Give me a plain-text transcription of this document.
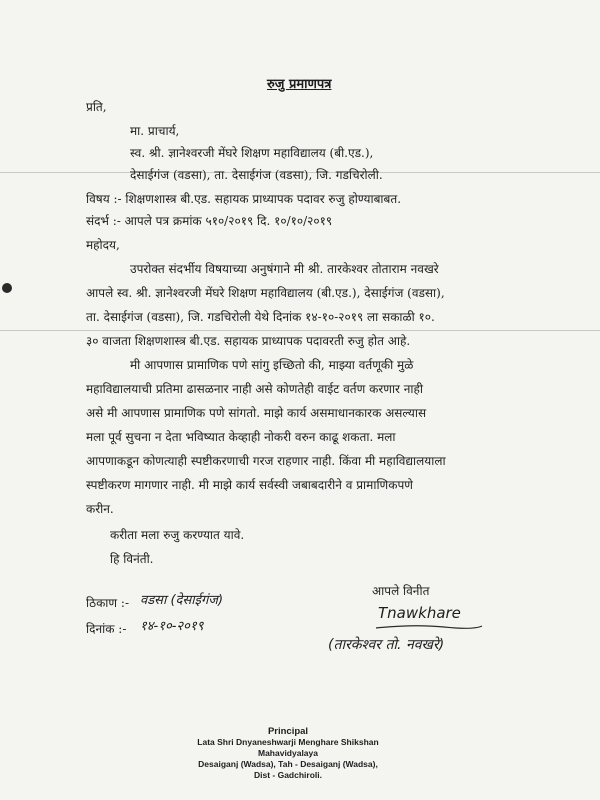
रुजु प्रमाणपत्र
प्रति,
मा. प्राचार्य,
स्व. श्री. ज्ञानेश्वरजी मेंघरे शिक्षण महाविद्यालय (बी.एड.),
देसाईगंज (वडसा), ता. देसाईगंज (वडसा), जि. गडचिरोली.
विषय :- शिक्षणशास्त्र बी.एड. सहायक प्राध्यापक पदावर रुजु होण्याबाबत.
संदर्भ :- आपले पत्र क्रमांक ५१०/२०१९ दि. १०/१०/२०१९
महोदय,
उपरोक्त संदर्भीय विषयाच्या अनुषंगाने मी श्री. तारकेश्वर तोताराम नवखरे
आपले स्व. श्री. ज्ञानेश्वरजी मेंघरे शिक्षण महाविद्यालय (बी.एड.), देसाईगंज (वडसा),
ता. देसाईगंज (वडसा), जि. गडचिरोली येथे दिनांक १४-१०-२०१९ ला सकाळी १०.
३० वाजता शिक्षणशास्त्र बी.एड. सहायक प्राध्यापक पदावरती रुजु होत आहे.
मी आपणास प्रामाणिक पणे सांगु इच्छितो की, माझ्या वर्तणूकी मुळे
महाविद्यालयाची प्रतिमा ढासळनार नाही असे कोणतेही वाईट वर्तण करणार नाही
असे मी आपणास प्रामाणिक पणे सांगतो. माझे कार्य असमाधानकारक असल्यास
मला पूर्व सुचना न देता भविष्यात केव्हाही नोकरी वरुन काढू शकता. मला
आपणाकडून कोणत्याही स्पष्टीकरणाची गरज राहणार नाही. किंवा मी महाविद्यालयाला
स्पष्टीकरण मागणार नाही. मी माझे कार्य सर्वस्वी जबाबदारीने व प्रामाणिकपणे
करीन.
करीता मला रुजु करण्यात यावे.
हि विनंती.
ठिकाण :- वडसा (देसाईगंज)
दिनांक :- १४-१०-२०१९
आपले विनीत
Tnawkhare
(तारकेश्वर तो. नवखरे)
Principal
Lata Shri Dnyaneshwarji Menghare Shikshan Mahavidyalaya
Desaiganj (Wadsa), Tah - Desaiganj (Wadsa),
Dist - Gadchiroli.
